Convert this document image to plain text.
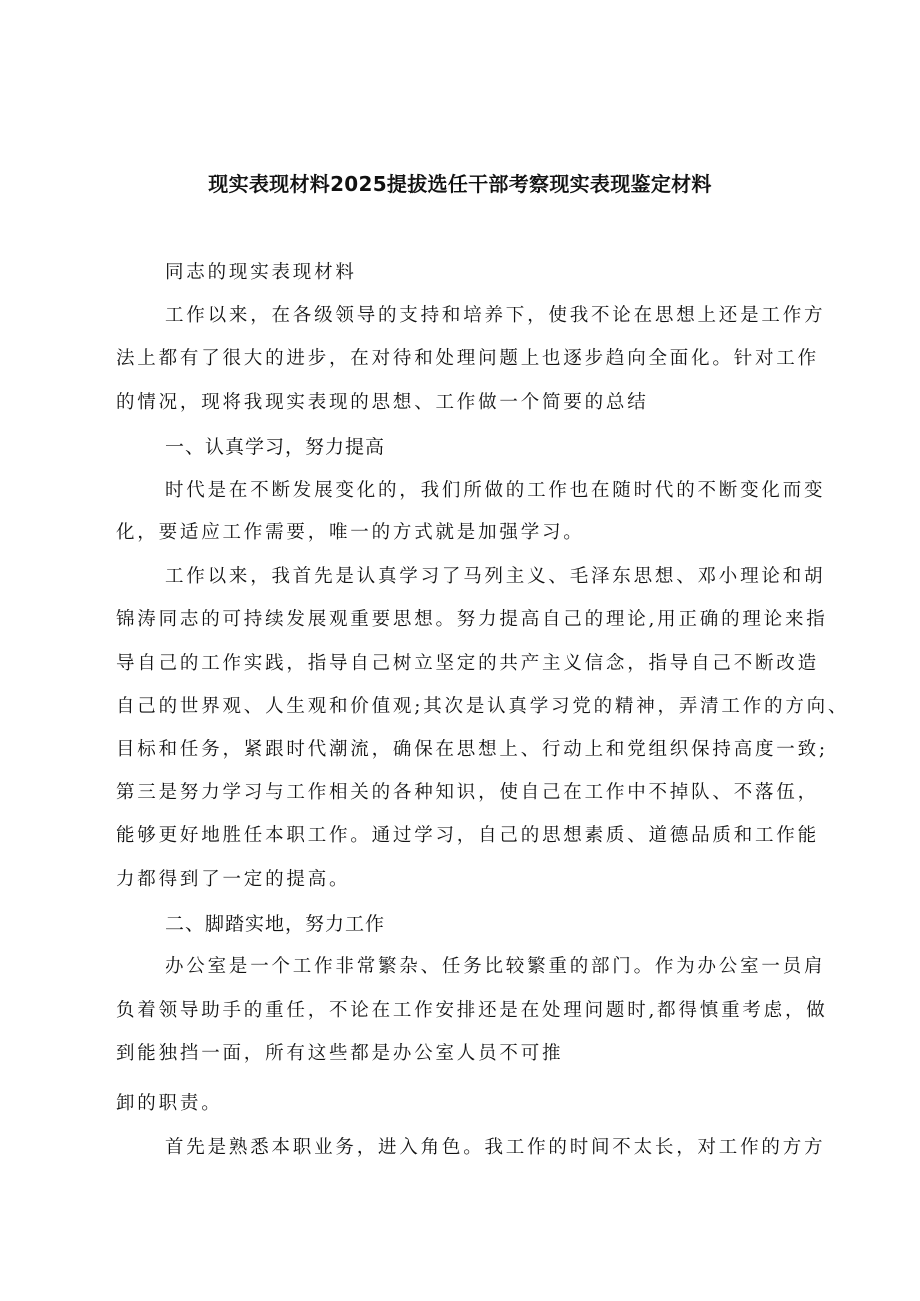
现实表现材料2025提拔选任干部考察现实表现鉴定材料
同志的现实表现材料
工作以来，在各级领导的支持和培养下，使我不论在思想上还是工作方
法上都有了很大的进步，在对待和处理问题上也逐步趋向全面化。针对工作
的情况，现将我现实表现的思想、工作做一个简要的总结
一、认真学习，努力提高
时代是在不断发展变化的，我们所做的工作也在随时代的不断变化而变
化，要适应工作需要，唯一的方式就是加强学习。
工作以来，我首先是认真学习了马列主义、毛泽东思想、邓小理论和胡
锦涛同志的可持续发展观重要思想。努力提高自己的理论,用正确的理论来指
导自己的工作实践，指导自己树立坚定的共产主义信念，指导自己不断改造
自己的世界观、人生观和价值观;其次是认真学习党的精神，弄清工作的方向、
目标和任务，紧跟时代潮流，确保在思想上、行动上和党组织保持高度一致;
第三是努力学习与工作相关的各种知识，使自己在工作中不掉队、不落伍，
能够更好地胜任本职工作。通过学习，自己的思想素质、道德品质和工作能
力都得到了一定的提高。
二、脚踏实地，努力工作
办公室是一个工作非常繁杂、任务比较繁重的部门。作为办公室一员肩
负着领导助手的重任，不论在工作安排还是在处理问题时,都得慎重考虑，做
到能独挡一面，所有这些都是办公室人员不可推
卸的职责。
首先是熟悉本职业务，进入角色。我工作的时间不太长，对工作的方方
